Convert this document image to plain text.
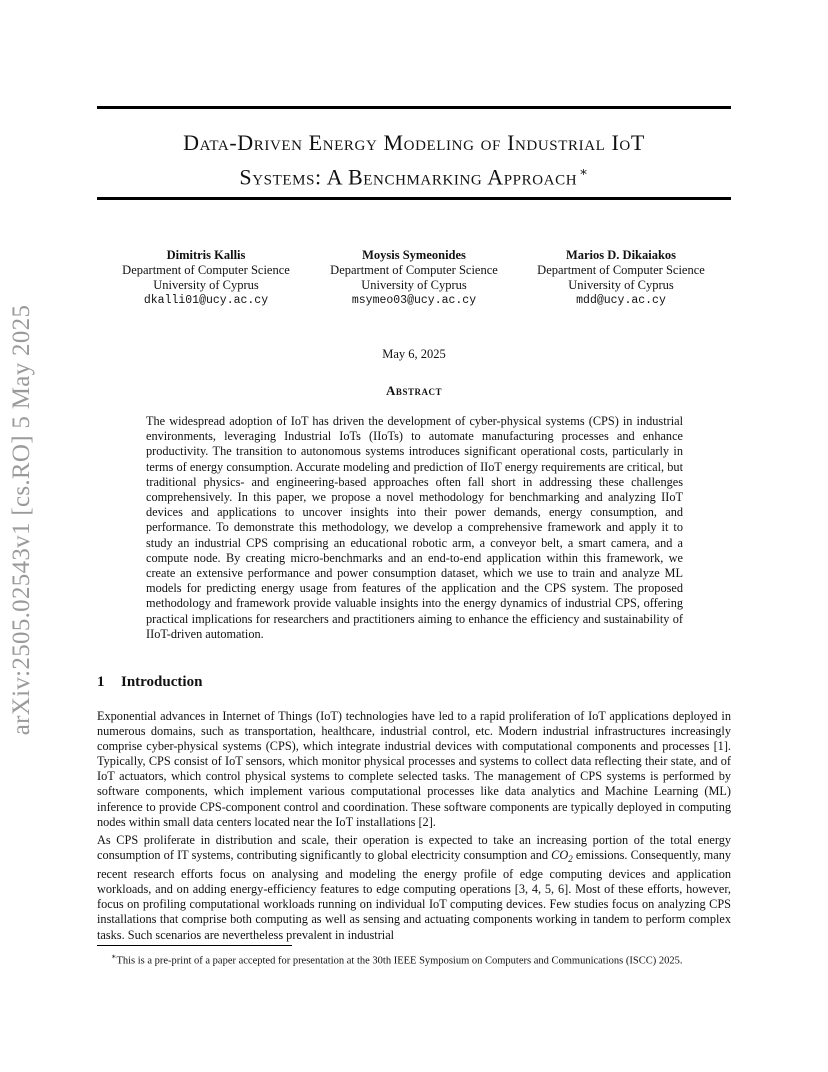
arXiv:2505.02543v1 [cs.RO] 5 May 2025
Data-Driven Energy Modeling of Industrial IoT
Systems: A Benchmarking Approach ∗
Dimitris Kallis
Department of Computer Science
University of Cyprus
dkalli01@ucy.ac.cy
Moysis Symeonides
Department of Computer Science
University of Cyprus
msymeo03@ucy.ac.cy
Marios D. Dikaiakos
Department of Computer Science
University of Cyprus
mdd@ucy.ac.cy
May 6, 2025
Abstract

The widespread adoption of IoT has driven the development of cyber-physical systems (CPS) in industrial environments, leveraging Industrial IoTs (IIoTs) to automate manufacturing processes and enhance productivity. The transition to autonomous systems introduces significant operational costs, particularly in terms of energy consumption. Accurate modeling and prediction of IIoT energy requirements are critical, but traditional physics- and engineering-based approaches often fall short in addressing these challenges comprehensively. In this paper, we propose a novel methodology for benchmarking and analyzing IIoT devices and applications to uncover insights into their power demands, energy consumption, and performance. To demonstrate this methodology, we develop a comprehensive framework and apply it to study an industrial CPS comprising an educational robotic arm, a conveyor belt, a smart camera, and a compute node. By creating micro-benchmarks and an end-to-end application within this framework, we create an extensive performance and power consumption dataset, which we use to train and analyze ML models for predicting energy usage from features of the application and the CPS system. The proposed methodology and framework provide valuable insights into the energy dynamics of industrial CPS, offering practical implications for researchers and practitioners aiming to enhance the efficiency and sustainability of IIoT-driven automation.

1 Introduction

Exponential advances in Internet of Things (IoT) technologies have led to a rapid proliferation of IoT applications deployed in numerous domains, such as transportation, healthcare, industrial control, etc. Modern industrial infrastructures increasingly comprise cyber-physical systems (CPS), which integrate industrial devices with computational components and processes [1]. Typically, CPS consist of IoT sensors, which monitor physical processes and systems to collect data reflecting their state, and of IoT actuators, which control physical systems to complete selected tasks. The management of CPS systems is performed by software components, which implement various computational processes like data analytics and Machine Learning (ML) inference to provide CPS-component control and coordination. These software components are typically deployed in computing nodes within small data centers located near the IoT installations [2].

As CPS proliferate in distribution and scale, their operation is expected to take an increasing portion of the total energy consumption of IT systems, contributing significantly to global electricity consumption and $CO_2$ emissions. Consequently, many recent research efforts focus on analysing and modeling the energy profile of edge computing devices and application workloads, and on adding energy-efficiency features to edge computing operations [3, 4, 5, 6]. Most of these efforts, however, focus on profiling computational workloads running on individual IoT computing devices. Few studies focus on analyzing CPS installations that comprise both computing as well as sensing and actuating components working in tandem to perform complex tasks. Such scenarios are nevertheless prevalent in industrial

∗This is a pre-print of a paper accepted for presentation at the 30th IEEE Symposium on Computers and Communications (ISCC) 2025.
